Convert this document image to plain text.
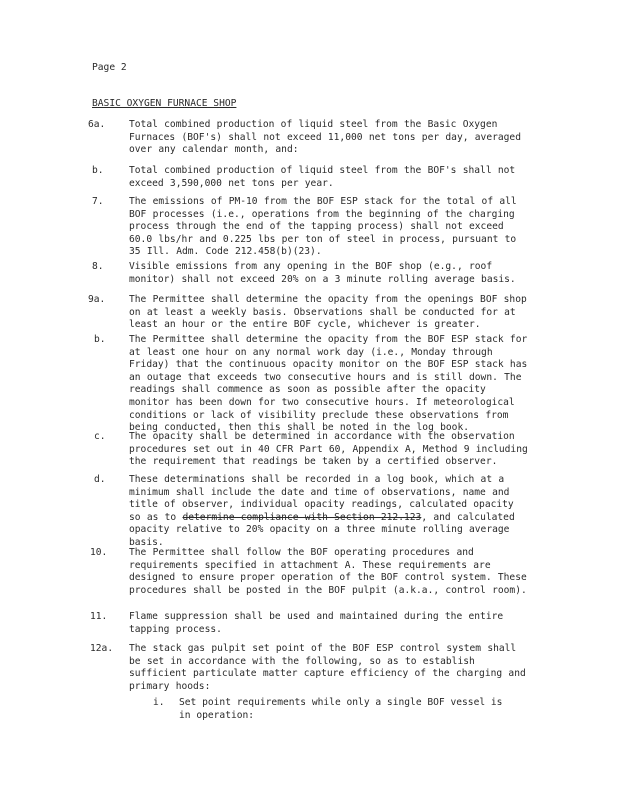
Page 2
BASIC OXYGEN FURNACE SHOP
6a.	Total combined production of liquid steel from the Basic Oxygen Furnaces (BOF's) shall not exceed 11,000 net tons per day, averaged over any calendar month, and:
b.	Total combined production of liquid steel from the BOF's shall not exceed 3,590,000 net tons per year.
7.	The emissions of PM-10 from the BOF ESP stack for the total of all BOF processes (i.e., operations from the beginning of the charging process through the end of the tapping process) shall not exceed 60.0 lbs/hr and 0.225 lbs per ton of steel in process, pursuant to 35 Ill. Adm. Code 212.458(b)(23).
8.	Visible emissions from any opening in the BOF shop (e.g., roof monitor) shall not exceed 20% on a 3 minute rolling average basis.
9a.	The Permittee shall determine the opacity from the openings BOF shop on at least a weekly basis. Observations shall be conducted for at least an hour or the entire BOF cycle, whichever is greater.
b.	The Permittee shall determine the opacity from the BOF ESP stack for at least one hour on any normal work day (i.e., Monday through Friday) that the continuous opacity monitor on the BOF ESP stack has an outage that exceeds two consecutive hours and is still down. The readings shall commence as soon as possible after the opacity monitor has been down for two consecutive hours. If meteorological conditions or lack of visibility preclude these observations from being conducted, then this shall be noted in the log book.
c.	The opacity shall be determined in accordance with the observation procedures set out in 40 CFR Part 60, Appendix A, Method 9 including the requirement that readings be taken by a certified observer.
d.	These determinations shall be recorded in a log book, which at a minimum shall include the date and time of observations, name and title of observer, individual opacity readings, calculated opacity so as to determine compliance with Section 212.123, and calculated opacity relative to 20% opacity on a three minute rolling average basis.
10.	The Permittee shall follow the BOF operating procedures and requirements specified in attachment A. These requirements are designed to ensure proper operation of the BOF control system. These procedures shall be posted in the BOF pulpit (a.k.a., control room).
11.	Flame suppression shall be used and maintained during the entire tapping process.
12a.	The stack gas pulpit set point of the BOF ESP control system shall be set in accordance with the following, so as to establish sufficient particulate matter capture efficiency of the charging and primary hoods:
i.	Set point requirements while only a single BOF vessel is in operation:
